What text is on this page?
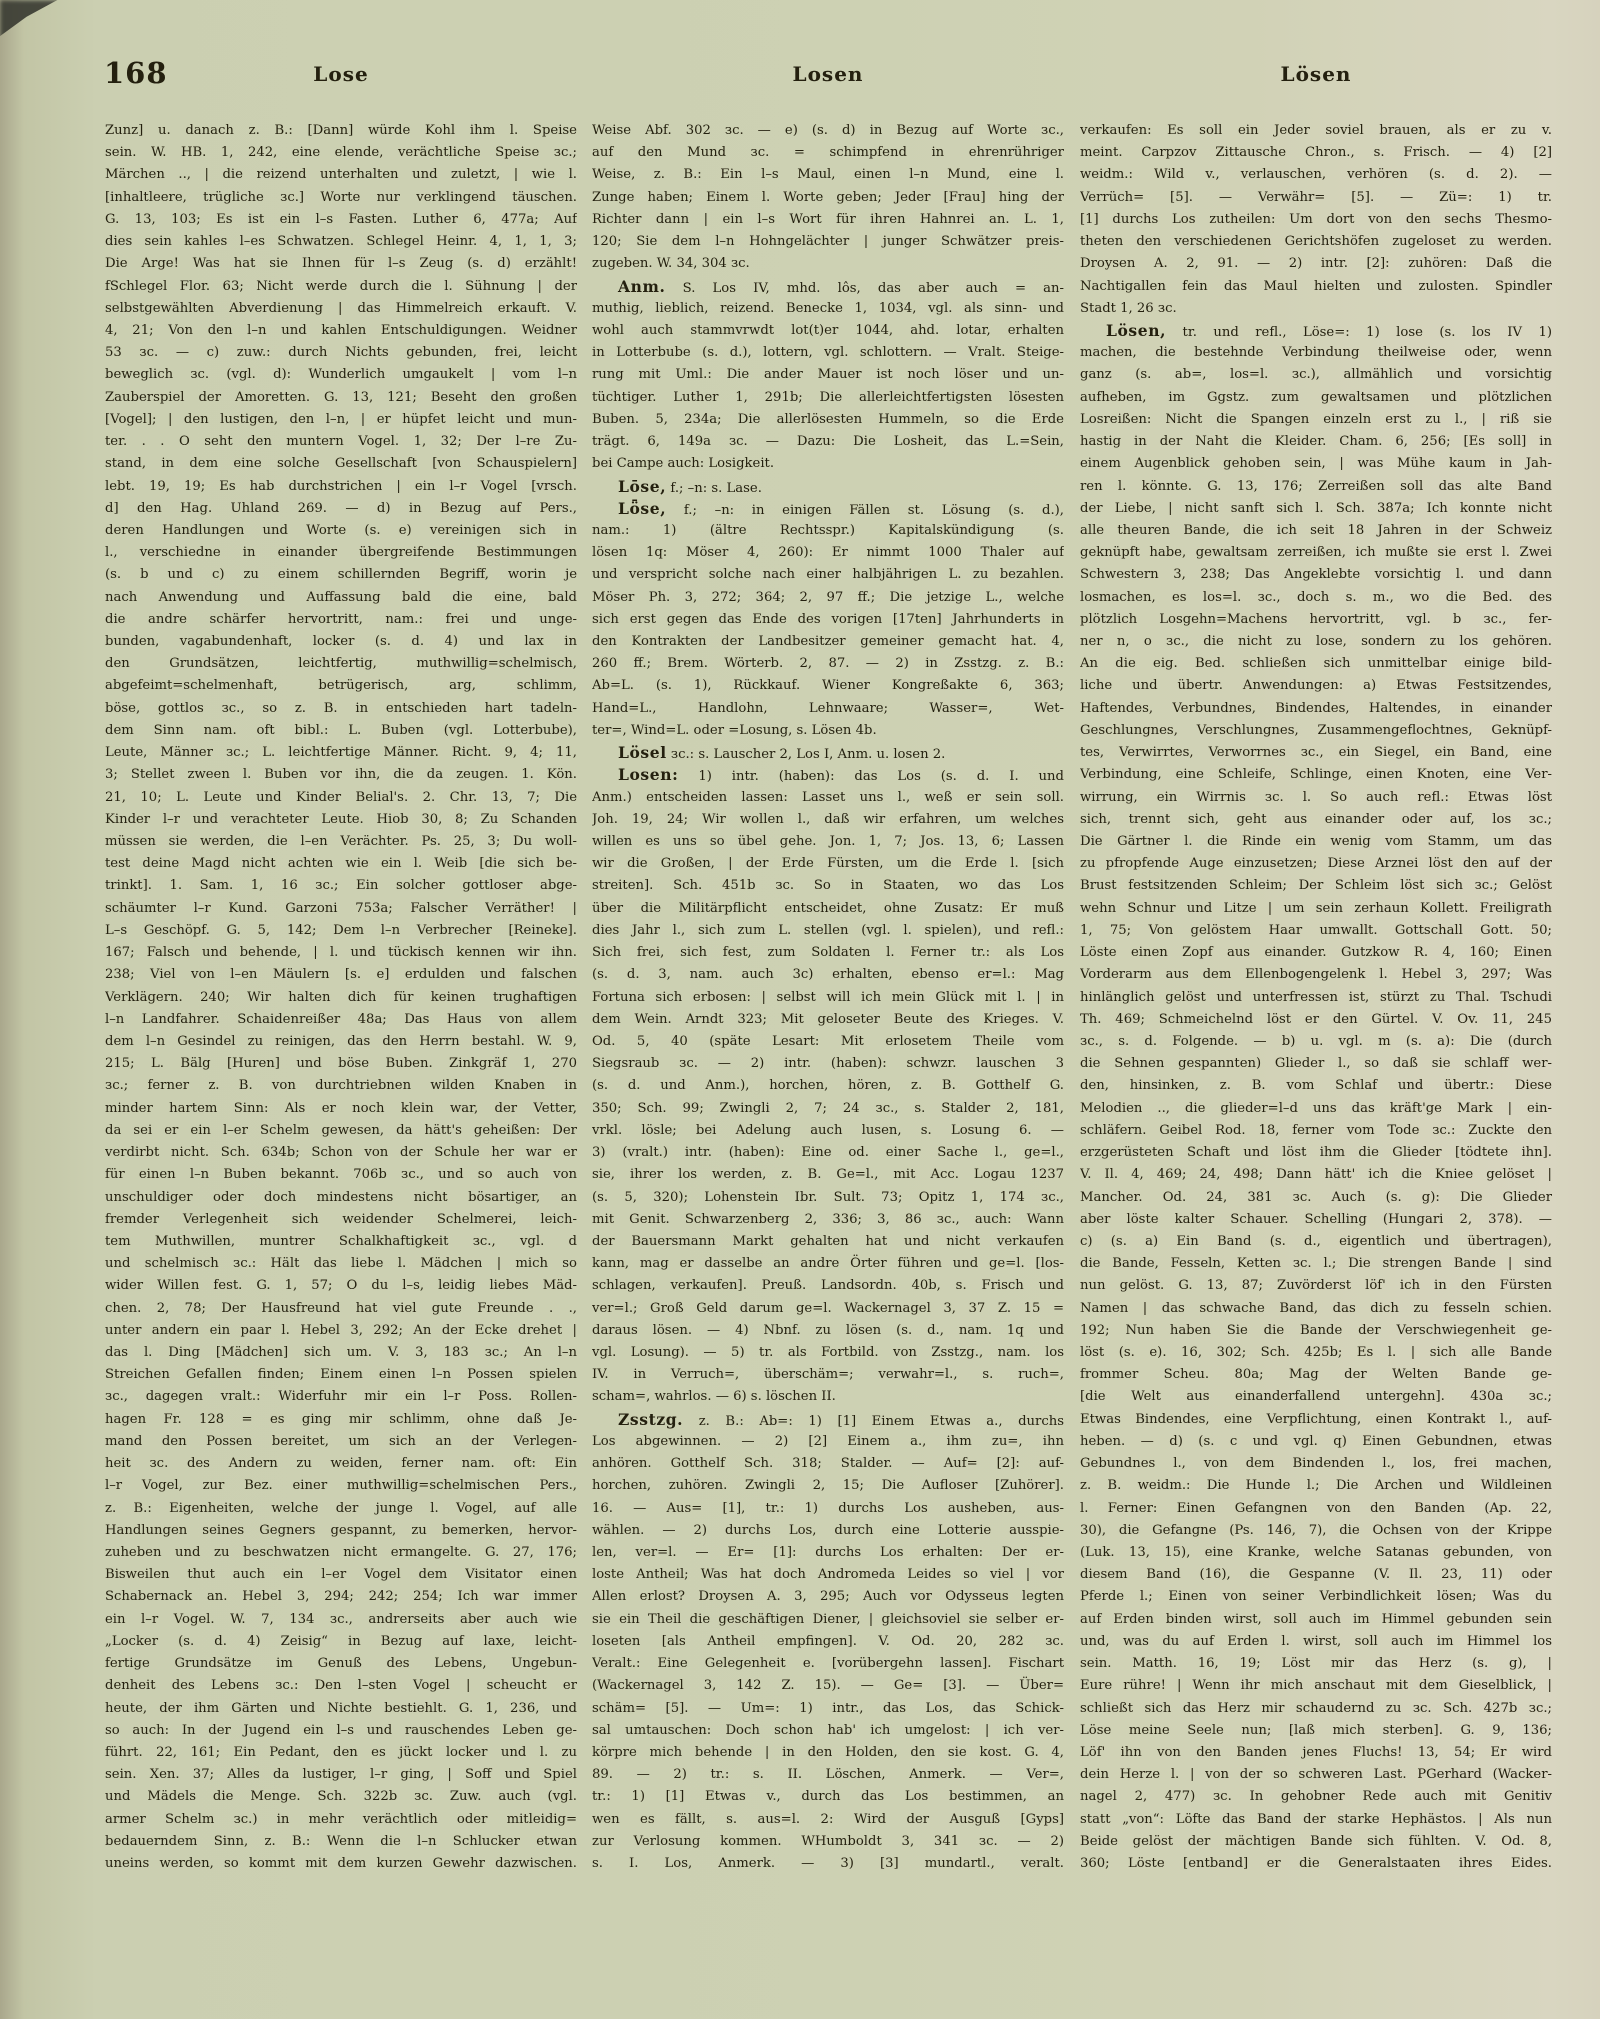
168	Lose	Losen	Lösen
Zunz] u. danach z. B.: [Dann] würde Kohl ihm l. Speise
sein. W. HB. 1, 242, eine elende, verächtliche Speise зc.;
Märchen .., | die reizend unterhalten und zuletzt, | wie l.
[inhaltleere, trügliche зc.] Worte nur verklingend täuschen.
G. 13, 103; Es ist ein l–s Fasten. Luther 6, 477a; Auf
dies sein kahles l–es Schwatzen. Schlegel Heinr. 4, 1, 1, 3;
Die Arge! Was hat sie Ihnen für l–s Zeug (s. d) erzählt!
fSchlegel Flor. 63; Nicht werde durch die l. Sühnung | der
selbstgewählten Abverdienung | das Himmelreich erkauft. V.
4, 21; Von den l–n und kahlen Entschuldigungen. Weidner
53 зc. — c) zuw.: durch Nichts gebunden, frei, leicht
beweglich зc. (vgl. d): Wunderlich umgaukelt | vom l–n
Zauberspiel der Amoretten. G. 13, 121; Beseht den großen
[Vogel]; | den lustigen, den l–n, | er hüpfet leicht und mun-
ter. . . O seht den muntern Vogel. 1, 32; Der l–re Zu-
stand, in dem eine solche Gesellschaft [von Schauspielern]
lebt. 19, 19; Es hab durchstrichen | ein l–r Vogel [vrsch.
d] den Hag. Uhland 269. — d) in Bezug auf Pers.,
deren Handlungen und Worte (s. e) vereinigen sich in
l., verschiedne in einander übergreifende Bestimmungen
(s. b und c) zu einem schillernden Begriff, worin je
nach Anwendung und Auffassung bald die eine, bald
die andre schärfer hervortritt, nam.: frei und unge-
bunden, vagabundenhaft, locker (s. d. 4) und lax in
den Grundsätzen, leichtfertig, muthwillig=schelmisch,
abgefeimt=schelmenhaft, betrügerisch, arg, schlimm,
böse, gottlos зc., so z. B. in entschieden hart tadeln-
dem Sinn nam. oft bibl.: L. Buben (vgl. Lotterbube),
Leute, Männer зc.; L. leichtfertige Männer. Richt. 9, 4; 11,
3; Stellet zween l. Buben vor ihn, die da zeugen. 1. Kön.
21, 10; L. Leute und Kinder Belial's. 2. Chr. 13, 7; Die
Kinder l–r und verachteter Leute. Hiob 30, 8; Zu Schanden
müssen sie werden, die l–en Verächter. Ps. 25, 3; Du woll-
test deine Magd nicht achten wie ein l. Weib [die sich be-
trinkt]. 1. Sam. 1, 16 зc.; Ein solcher gottloser abge-
schäumter l–r Kund. Garzoni 753a; Falscher Verräther! |
L–s Geschöpf. G. 5, 142; Dem l–n Verbrecher [Reineke].
167; Falsch und behende, | l. und tückisch kennen wir ihn.
238; Viel von l–en Mäulern [s. e] erdulden und falschen
Verklägern. 240; Wir halten dich für keinen trughaftigen
l–n Landfahrer. Schaidenreißer 48a; Das Haus von allem
dem l–n Gesindel zu reinigen, das den Herrn bestahl. W. 9,
215; L. Bälg [Huren] und böse Buben. Zinkgräf 1, 270
зc.; ferner z. B. von durchtriebnen wilden Knaben in
minder hartem Sinn: Als er noch klein war, der Vetter,
da sei er ein l–er Schelm gewesen, da hätt's geheißen: Der
verdirbt nicht. Sch. 634b; Schon von der Schule her war er
für einen l–n Buben bekannt. 706b зc., und so auch von
unschuldiger oder doch mindestens nicht bösartiger, an
fremder Verlegenheit sich weidender Schelmerei, leich-
tem Muthwillen, muntrer Schalkhaftigkeit зc., vgl. d
und schelmisch зc.: Hält das liebe l. Mädchen | mich so
wider Willen fest. G. 1, 57; O du l–s, leidig liebes Mäd-
chen. 2, 78; Der Hausfreund hat viel gute Freunde . .,
unter andern ein paar l. Hebel 3, 292; An der Ecke drehet |
das l. Ding [Mädchen] sich um. V. 3, 183 зc.; An l–n
Streichen Gefallen finden; Einem einen l–n Possen spielen
зc., dagegen vralt.: Widerfuhr mir ein l–r Poss. Rollen-
hagen Fr. 128 = es ging mir schlimm, ohne daß Je-
mand den Possen bereitet, um sich an der Verlegen-
heit зc. des Andern zu weiden, ferner nam. oft: Ein
l–r Vogel, zur Bez. einer muthwillig=schelmischen Pers.,
z. B.: Eigenheiten, welche der junge l. Vogel, auf alle
Handlungen seines Gegners gespannt, zu bemerken, hervor-
zuheben und zu beschwatzen nicht ermangelte. G. 27, 176;
Bisweilen thut auch ein l–er Vogel dem Visitator einen
Schabernack an. Hebel 3, 294; 242; 254; Ich war immer
ein l–r Vogel. W. 7, 134 зc., andrerseits aber auch wie
„Locker (s. d. 4) Zeisig“ in Bezug auf laxe, leicht-
fertige Grundsätze im Genuß des Lebens, Ungebun-
denheit des Lebens зc.: Den l–sten Vogel | scheucht er
heute, der ihm Gärten und Nichte bestiehlt. G. 1, 236, und
so auch: In der Jugend ein l–s und rauschendes Leben ge-
führt. 22, 161; Ein Pedant, den es jückt locker und l. zu
sein. Xen. 37; Alles da lustiger, l–r ging, | Soff und Spiel
und Mädels die Menge. Sch. 322b зc. Zuw. auch (vgl.
armer Schelm зc.) in mehr verächtlich oder mitleidig=
bedauerndem Sinn, z. B.: Wenn die l–n Schlucker etwan
uneins werden, so kommt mit dem kurzen Gewehr dazwischen.
Weise Abf. 302 зc. — e) (s. d) in Bezug auf Worte зc.,
auf den Mund зc. = schimpfend in ehrenrühriger
Weise, z. B.: Ein l–s Maul, einen l–n Mund, eine l.
Zunge haben; Einem l. Worte geben; Jeder [Frau] hing der
Richter dann | ein l–s Wort für ihren Hahnrei an. L. 1,
120; Sie dem l–n Hohngelächter | junger Schwätzer preis-
zugeben. W. 34, 304 зc.
Anm. S. Los IV, mhd. lôs, das aber auch = an-
muthig, lieblich, reizend. Benecke 1, 1034, vgl. als sinn- und
wohl auch stammvrwdt lot(t)er 1044, ahd. lotar, erhalten
in Lotterbube (s. d.), lottern, vgl. schlottern. — Vralt. Steige-
rung mit Uml.: Die ander Mauer ist noch löser und un-
tüchtiger. Luther 1, 291b; Die allerleichtfertigsten lösesten
Buben. 5, 234a; Die allerlösesten Hummeln, so die Erde
trägt. 6, 149a зc. — Dazu: Die Losheit, das L.=Sein,
bei Campe auch: Losigkeit.
Lōse, f.; –n: s. Lase.
Lȫse, f.; –n: in einigen Fällen st. Lösung (s. d.),
nam.: 1) (ältre Rechtsspr.) Kapitalskündigung (s.
lösen 1q: Möser 4, 260): Er nimmt 1000 Thaler auf
und verspricht solche nach einer halbjährigen L. zu bezahlen.
Möser Ph. 3, 272; 364; 2, 97 ff.; Die jetzige L., welche
sich erst gegen das Ende des vorigen [17ten] Jahrhunderts in
den Kontrakten der Landbesitzer gemeiner gemacht hat. 4,
260 ff.; Brem. Wörterb. 2, 87. — 2) in Zsstzg. z. B.:
Ab=L. (s. 1), Rückkauf. Wiener Kongreßakte 6, 363;
Hand=L., Handlohn, Lehnwaare; Wasser=, Wet-
ter=, Wind=L. oder =Losung, s. Lösen 4b.
Lösel зc.: s. Lauscher 2, Los I, Anm. u. losen 2.
Losen: 1) intr. (haben): das Los (s. d. I. und
Anm.) entscheiden lassen: Lasset uns l., weß er sein soll.
Joh. 19, 24; Wir wollen l., daß wir erfahren, um welches
willen es uns so übel gehe. Jon. 1, 7; Jos. 13, 6; Lassen
wir die Großen, | der Erde Fürsten, um die Erde l. [sich
streiten]. Sch. 451b зc. So in Staaten, wo das Los
über die Militärpflicht entscheidet, ohne Zusatz: Er muß
dies Jahr l., sich zum L. stellen (vgl. l. spielen), und refl.:
Sich frei, sich fest, zum Soldaten l. Ferner tr.: als Los
(s. d. 3, nam. auch 3c) erhalten, ebenso er=l.: Mag
Fortuna sich erbosen: | selbst will ich mein Glück mit l. | in
dem Wein. Arndt 323; Mit geloseter Beute des Krieges. V.
Od. 5, 40 (späte Lesart: Mit erlosetem Theile vom
Siegsraub зc. — 2) intr. (haben): schwzr. lauschen 3
(s. d. und Anm.), horchen, hören, z. B. Gotthelf G.
350; Sch. 99; Zwingli 2, 7; 24 зc., s. Stalder 2, 181,
vrkl. lösle; bei Adelung auch lusen, s. Losung 6. —
3) (vralt.) intr. (haben): Eine od. einer Sache l., ge=l.,
sie, ihrer los werden, z. B. Ge=l., mit Acc. Logau 1237
(s. 5, 320); Lohenstein Ibr. Sult. 73; Opitz 1, 174 зc.,
mit Genit. Schwarzenberg 2, 336; 3, 86 зc., auch: Wann
der Bauersmann Markt gehalten hat und nicht verkaufen
kann, mag er dasselbe an andre Örter führen und ge=l. [los-
schlagen, verkaufen]. Preuß. Landsordn. 40b, s. Frisch und
ver=l.; Groß Geld darum ge=l. Wackernagel 3, 37 Z. 15 =
daraus lösen. — 4) Nbnf. zu lösen (s. d., nam. 1q und
vgl. Losung). — 5) tr. als Fortbild. von Zsstzg., nam. los
IV. in Verruch=, überschäm=; verwahr=l., s. ruch=,
scham=, wahrlos. — 6) s. löschen II.
Zsstzg. z. B.: Ab=: 1) [1] Einem Etwas a., durchs
Los abgewinnen. — 2) [2] Einem a., ihm zu=, ihn
anhören. Gotthelf Sch. 318; Stalder. — Auf= [2]: auf-
horchen, zuhören. Zwingli 2, 15; Die Aufloser [Zuhörer].
16. — Aus= [1], tr.: 1) durchs Los ausheben, aus-
wählen. — 2) durchs Los, durch eine Lotterie ausspie-
len, ver=l. — Er= [1]: durchs Los erhalten: Der er-
loste Antheil; Was hat doch Andromeda Leides so viel | vor
Allen erlost? Droysen A. 3, 295; Auch vor Odysseus legten
sie ein Theil die geschäftigen Diener, | gleichsoviel sie selber er-
loseten [als Antheil empfingen]. V. Od. 20, 282 зc.
Veralt.: Eine Gelegenheit e. [vorübergehn lassen]. Fischart
(Wackernagel 3, 142 Z. 15). — Ge= [3]. — Über=
schäm= [5]. — Um=: 1) intr., das Los, das Schick-
sal umtauschen: Doch schon hab' ich umgelost: | ich ver-
körpre mich behende | in den Holden, den sie kost. G. 4,
89. — 2) tr.: s. II. Löschen, Anmerk. — Ver=,
tr.: 1) [1] Etwas v., durch das Los bestimmen, an
wen es fällt, s. aus=l. 2: Wird der Ausguß [Gyps]
zur Verlosung kommen. WHumboldt 3, 341 зc. — 2)
s. I. Los, Anmerk. — 3) [3] mundartl., veralt.
verkaufen: Es soll ein Jeder soviel brauen, als er zu v.
meint. Carpzov Zittausche Chron., s. Frisch. — 4) [2]
weidm.: Wild v., verlauschen, verhören (s. d. 2). —
Verrüch= [5]. — Verwähr= [5]. — Zü=: 1) tr.
[1] durchs Los zutheilen: Um dort von den sechs Thesmo-
theten den verschiedenen Gerichtshöfen zugeloset zu werden.
Droysen A. 2, 91. — 2) intr. [2]: zuhören: Daß die
Nachtigallen fein das Maul hielten und zulosten. Spindler
Stadt 1, 26 зc.
Lösen, tr. und refl., Löse=: 1) lose (s. los IV 1)
machen, die bestehnde Verbindung theilweise oder, wenn
ganz (s. ab=, los=l. зc.), allmählich und vorsichtig
aufheben, im Ggstz. zum gewaltsamen und plötzlichen
Losreißen: Nicht die Spangen einzeln erst zu l., | riß sie
hastig in der Naht die Kleider. Cham. 6, 256; [Es soll] in
einem Augenblick gehoben sein, | was Mühe kaum in Jah-
ren l. könnte. G. 13, 176; Zerreißen soll das alte Band
der Liebe, | nicht sanft sich l. Sch. 387a; Ich konnte nicht
alle theuren Bande, die ich seit 18 Jahren in der Schweiz
geknüpft habe, gewaltsam zerreißen, ich mußte sie erst l. Zwei
Schwestern 3, 238; Das Angeklebte vorsichtig l. und dann
losmachen, es los=l. зc., doch s. m., wo die Bed. des
plötzlich Losgehn=Machens hervortritt, vgl. b зc., fer-
ner n, o зc., die nicht zu lose, sondern zu los gehören.
An die eig. Bed. schließen sich unmittelbar einige bild-
liche und übertr. Anwendungen: a) Etwas Festsitzendes,
Haftendes, Verbundnes, Bindendes, Haltendes, in einander
Geschlungnes, Verschlungnes, Zusammengeflochtnes, Geknüpf-
tes, Verwirrtes, Verworrnes зc., ein Siegel, ein Band, eine
Verbindung, eine Schleife, Schlinge, einen Knoten, eine Ver-
wirrung, ein Wirrnis зc. l. So auch refl.: Etwas löst
sich, trennt sich, geht aus einander oder auf, los зc.;
Die Gärtner l. die Rinde ein wenig vom Stamm, um das
zu pfropfende Auge einzusetzen; Diese Arznei löst den auf der
Brust festsitzenden Schleim; Der Schleim löst sich зc.; Gelöst
wehn Schnur und Litze | um sein zerhaun Kollett. Freiligrath
1, 75; Von gelöstem Haar umwallt. Gottschall Gott. 50;
Löste einen Zopf aus einander. Gutzkow R. 4, 160; Einen
Vorderarm aus dem Ellenbogengelenk l. Hebel 3, 297; Was
hinlänglich gelöst und unterfressen ist, stürzt zu Thal. Tschudi
Th. 469; Schmeichelnd löst er den Gürtel. V. Ov. 11, 245
зc., s. d. Folgende. — b) u. vgl. m (s. a): Die (durch
die Sehnen gespannten) Glieder l., so daß sie schlaff wer-
den, hinsinken, z. B. vom Schlaf und übertr.: Diese
Melodien .., die glieder=l–d uns das kräft'ge Mark | ein-
schläfern. Geibel Rod. 18, ferner vom Tode зc.: Zuckte den
erzgerüsteten Schaft und löst ihm die Glieder [tödtete ihn].
V. Il. 4, 469; 24, 498; Dann hätt' ich die Kniee gelöset |
Mancher. Od. 24, 381 зc. Auch (s. g): Die Glieder
aber löste kalter Schauer. Schelling (Hungari 2, 378). —
c) (s. a) Ein Band (s. d., eigentlich und übertragen),
die Bande, Fesseln, Ketten зc. l.; Die strengen Bande | sind
nun gelöst. G. 13, 87; Zuvörderst löf' ich in den Fürsten
Namen | das schwache Band, das dich zu fesseln schien.
192; Nun haben Sie die Bande der Verschwiegenheit ge-
löst (s. e). 16, 302; Sch. 425b; Es l. | sich alle Bande
frommer Scheu. 80a; Mag der Welten Bande ge-
[die Welt aus einanderfallend untergehn]. 430a зc.;
Etwas Bindendes, eine Verpflichtung, einen Kontrakt l., auf-
heben. — d) (s. c und vgl. q) Einen Gebundnen, etwas
Gebundnes l., von dem Bindenden l., los, frei machen,
z. B. weidm.: Die Hunde l.; Die Archen und Wildleinen
l. Ferner: Einen Gefangnen von den Banden (Ap. 22,
30), die Gefangne (Ps. 146, 7), die Ochsen von der Krippe
(Luk. 13, 15), eine Kranke, welche Satanas gebunden, von
diesem Band (16), die Gespanne (V. Il. 23, 11) oder
Pferde l.; Einen von seiner Verbindlichkeit lösen; Was du
auf Erden binden wirst, soll auch im Himmel gebunden sein
und, was du auf Erden l. wirst, soll auch im Himmel los
sein. Matth. 16, 19; Löst mir das Herz (s. g), |
Eure rühre! | Wenn ihr mich anschaut mit dem Gieselblick, |
schließt sich das Herz mir schaudernd zu зc. Sch. 427b зc.;
Löse meine Seele nun; [laß mich sterben]. G. 9, 136;
Löf' ihn von den Banden jenes Fluchs! 13, 54; Er wird
dein Herze l. | von der so schweren Last. PGerhard (Wacker-
nagel 2, 477) зc. In gehobner Rede auch mit Genitiv
statt „von“: Löfte das Band der starke Hephästos. | Als nun
Beide gelöst der mächtigen Bande sich fühlten. V. Od. 8,
360; Löste [entband] er die Generalstaaten ihres Eides.
